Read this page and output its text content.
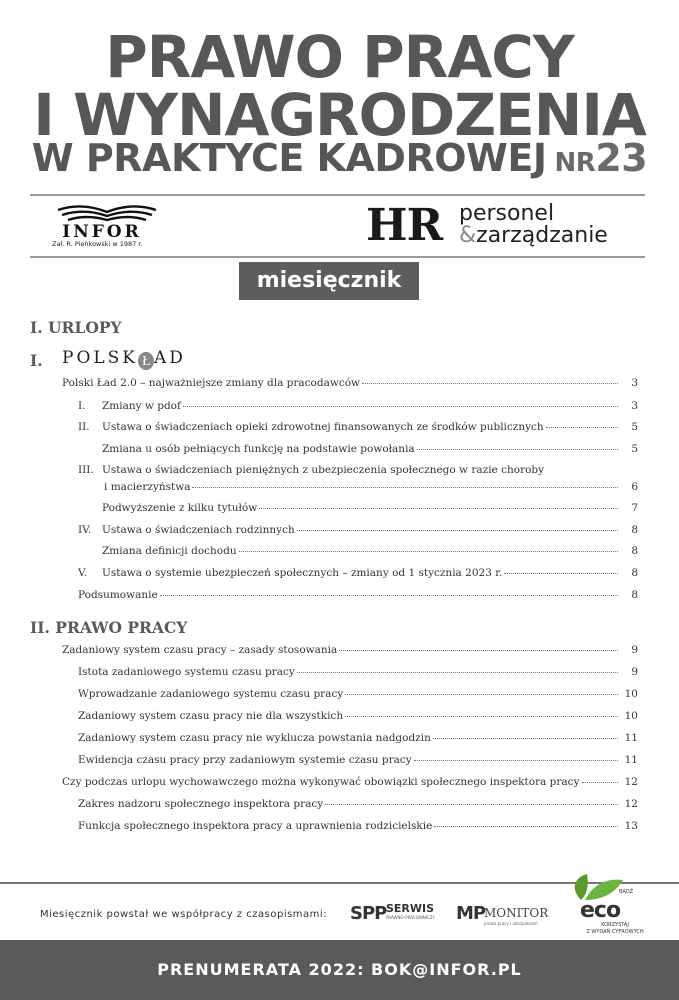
PRAWO PRACY
I WYNAGRODZENIA
W PRAKTYCE KADROWEJ NR23
INFOR
Zał. R. Pieńkowski w 1987 r.	HR personel
&zarządzanie
miesięcznik
I. URLOPY
I. POLSK Ł AD
II. PRAWO PRACY
Polski Ład 2.0 – najważniejsze zmiany dla pracodawców	3
I.	Zmiany w pdof	3
II.	Ustawa o świadczeniach opieki zdrowotnej finansowanych ze środków publicznych	5
Zmiana u osób pełniących funkcję na podstawie powołania	5
III. Ustawa o świadczeniach pieniężnych z ubezpieczenia społecznego w razie choroby
i macierzyństwa	6
Podwyższenie z kilku tytułów	7
IV.	Ustawa o świadczeniach rodzinnych	8
Zmiana definicji dochodu	8
V.	Ustawa o systemie ubezpieczeń społecznych – zmiany od 1 stycznia 2023 r.	8
Podsumowanie	8
Zadaniowy system czasu pracy – zasady stosowania	9
Istota zadaniowego systemu czasu pracy	9
Wprowadzanie zadaniowego systemu czasu pracy	10
Zadaniowy system czasu pracy nie dla wszystkich	10
Zadaniowy system czasu pracy nie wyklucza powstania nadgodzin	11
Ewidencja czasu pracy przy zadaniowym systemie czasu pracy	11
Czy podczas urlopu wychowawczego można wykonywać obowiązki społecznego inspektora pracy	12
Zakres nadzoru społecznego inspektora pracy	12
Funkcja społecznego inspektora pracy a uprawnienia rodzicielskie	13
Miesięcznik powstał we współpracy z czasopismami: SPP SERWIS
PRAWNO-PRACOWNICZY MP
MONITOR
prawa pracy i ubezpieczeń
BĄDŹ
eco
KORZYSTAJ
Z WYDAŃ CYFROWYCH
PRENUMERATA 2022: BOK@INFOR.PL
